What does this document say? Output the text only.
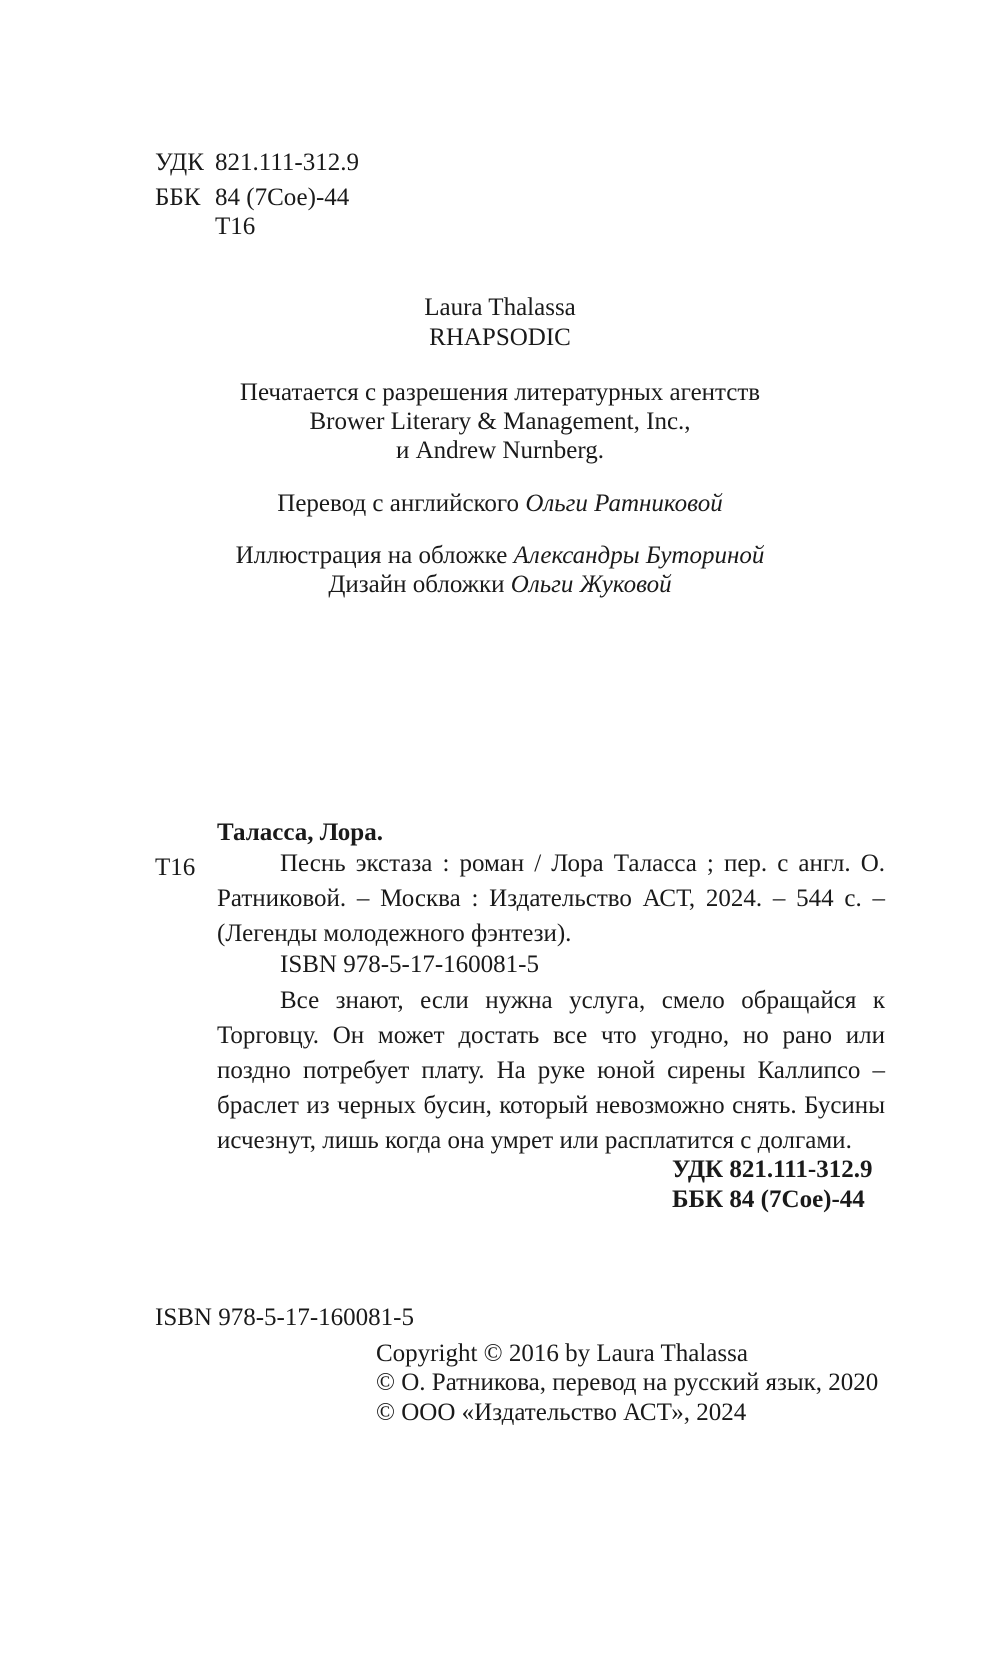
УДК 821.111-312.9
ББК 84 (7Сое)-44
Т16
Laura Thalassa
RHAPSODIC
Печатается с разрешения литературных агентств
Brower Literary & Management, Inc.,
и Andrew Nurnberg.
Перевод с английского Ольги Ратниковой
Иллюстрация на обложке Александры Буториной
Дизайн обложки Ольги Жуковой
Таласса, Лора.
Т16	Песнь экстаза : роман / Лора Таласса ; пер. с англ. О. Ратниковой. – Москва : Издательство АСТ, 2024. – 544 с. – (Легенды молодежного фэнтези).
ISBN 978-5-17-160081-5
Все знают, если нужна услуга, смело обращайся к Торговцу. Он может достать все что угодно, но рано или поздно потребует плату. На руке юной сирены Каллипсо – браслет из черных бусин, который невозможно снять. Бусины исчезнут, лишь когда она умрет или расплатится с долгами.
УДК 821.111-312.9
ББК 84 (7Сое)-44
ISBN 978-5-17-160081-5
Copyright © 2016 by Laura Thalassa
© О. Ратникова, перевод на русский язык, 2020
© ООО «Издательство АСТ», 2024
